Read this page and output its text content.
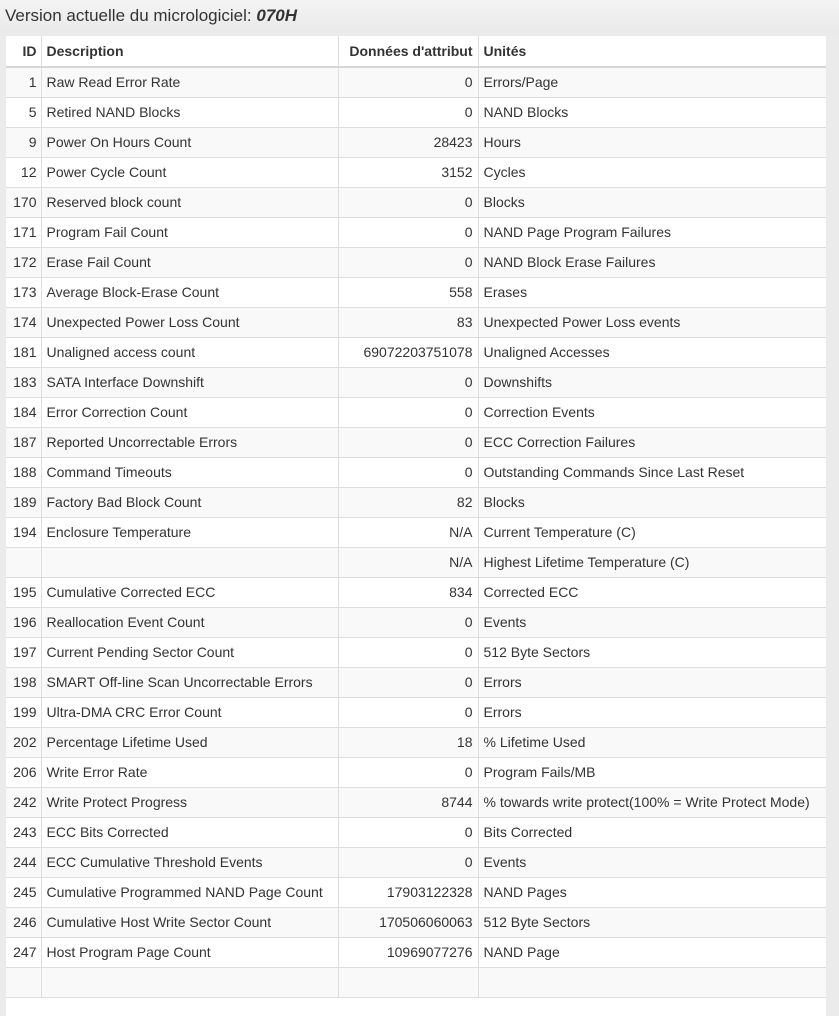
Version actuelle du micrologiciel: 070H
ID	Description	Données d'attribut	Unités
1	Raw Read Error Rate	0	Errors/Page
5	Retired NAND Blocks	0	NAND Blocks
9	Power On Hours Count	28423	Hours
12	Power Cycle Count	3152	Cycles
170	Reserved block count	0	Blocks
171	Program Fail Count	0	NAND Page Program Failures
172	Erase Fail Count	0	NAND Block Erase Failures
173	Average Block-Erase Count	558	Erases
174	Unexpected Power Loss Count	83	Unexpected Power Loss events
181	Unaligned access count	69072203751078	Unaligned Accesses
183	SATA Interface Downshift	0	Downshifts
184	Error Correction Count	0	Correction Events
187	Reported Uncorrectable Errors	0	ECC Correction Failures
188	Command Timeouts	0	Outstanding Commands Since Last Reset
189	Factory Bad Block Count	82	Blocks
194	Enclosure Temperature	N/A	Current Temperature (C)
		N/A	Highest Lifetime Temperature (C)
195	Cumulative Corrected ECC	834	Corrected ECC
196	Reallocation Event Count	0	Events
197	Current Pending Sector Count	0	512 Byte Sectors
198	SMART Off-line Scan Uncorrectable Errors	0	Errors
199	Ultra-DMA CRC Error Count	0	Errors
202	Percentage Lifetime Used	18	% Lifetime Used
206	Write Error Rate	0	Program Fails/MB
242	Write Protect Progress	8744	% towards write protect(100% = Write Protect Mode)
243	ECC Bits Corrected	0	Bits Corrected
244	ECC Cumulative Threshold Events	0	Events
245	Cumulative Programmed NAND Page Count	17903122328	NAND Pages
246	Cumulative Host Write Sector Count	170506060063	512 Byte Sectors
247	Host Program Page Count	10969077276	NAND Page
